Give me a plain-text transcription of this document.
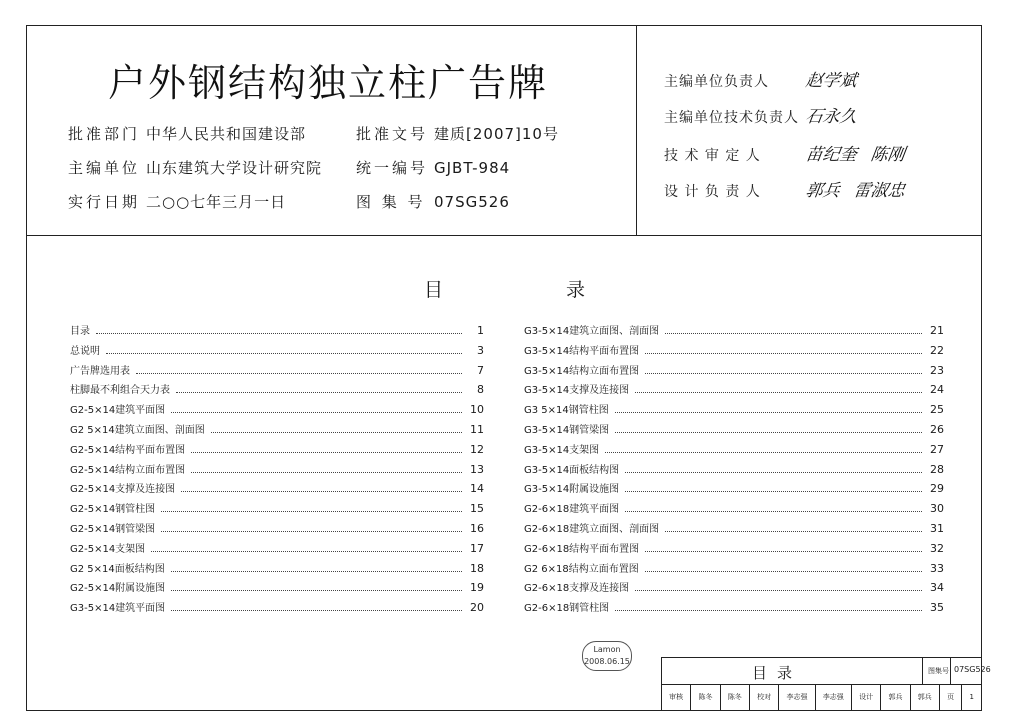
户外钢结构独立柱广告牌
批准部门 中华人民共和国建设部	批准文号 建质[2007]10号
主编单位 山东建筑大学设计研究院 统一编号 GJBT-984
实行日期 二○○七年三月一日	图 集 号 07SG526
主编单位负责人 赵学斌
主编单位技术负责人 石永久
技 术 审 定 人	苗纪奎 陈刚
设 计 负 责 人	郭兵 雷淑忠
目	录
目录	1
总说明	3
广告牌选用表	7
柱脚最不利组合天力表	8
G2-5×14建筑平面图	10
G2 5×14建筑立面图、剖面图	11
G2-5×14结构平面布置图	12
G2-5×14结构立面布置图	13
G2-5×14支撑及连接图	14
G2-5×14钢管柱图	15
G2-5×14钢管梁图	16
G2-5×14支架图	17
G2 5×14面板结构图	18
G2-5×14附属设施图	19
G3-5×14建筑平面图	20
G3-5×14建筑立面图、剖面图	21
G3-5×14结构平面布置图	22
G3-5×14结构立面布置图	23
G3-5×14支撑及连接图	24
G3 5×14钢管柱图	25
G3-5×14钢管梁图	26
G3-5×14支架图	27
G3-5×14面板结构图	28
G3-5×14附属设施图	29
G2-6×18建筑平面图	30
G2-6×18建筑立面图、剖面图	31
G2-6×18结构平面布置图	32
G2 6×18结构立面布置图	33
G2-6×18支撑及连接图	34
G2-6×18钢管柱图	35
Lamon
2008.06.15
目录	图集号 07SG526
审核	陈冬	陈冬	校对	李志强	李志强	设计	郭兵	郭兵	页	1
